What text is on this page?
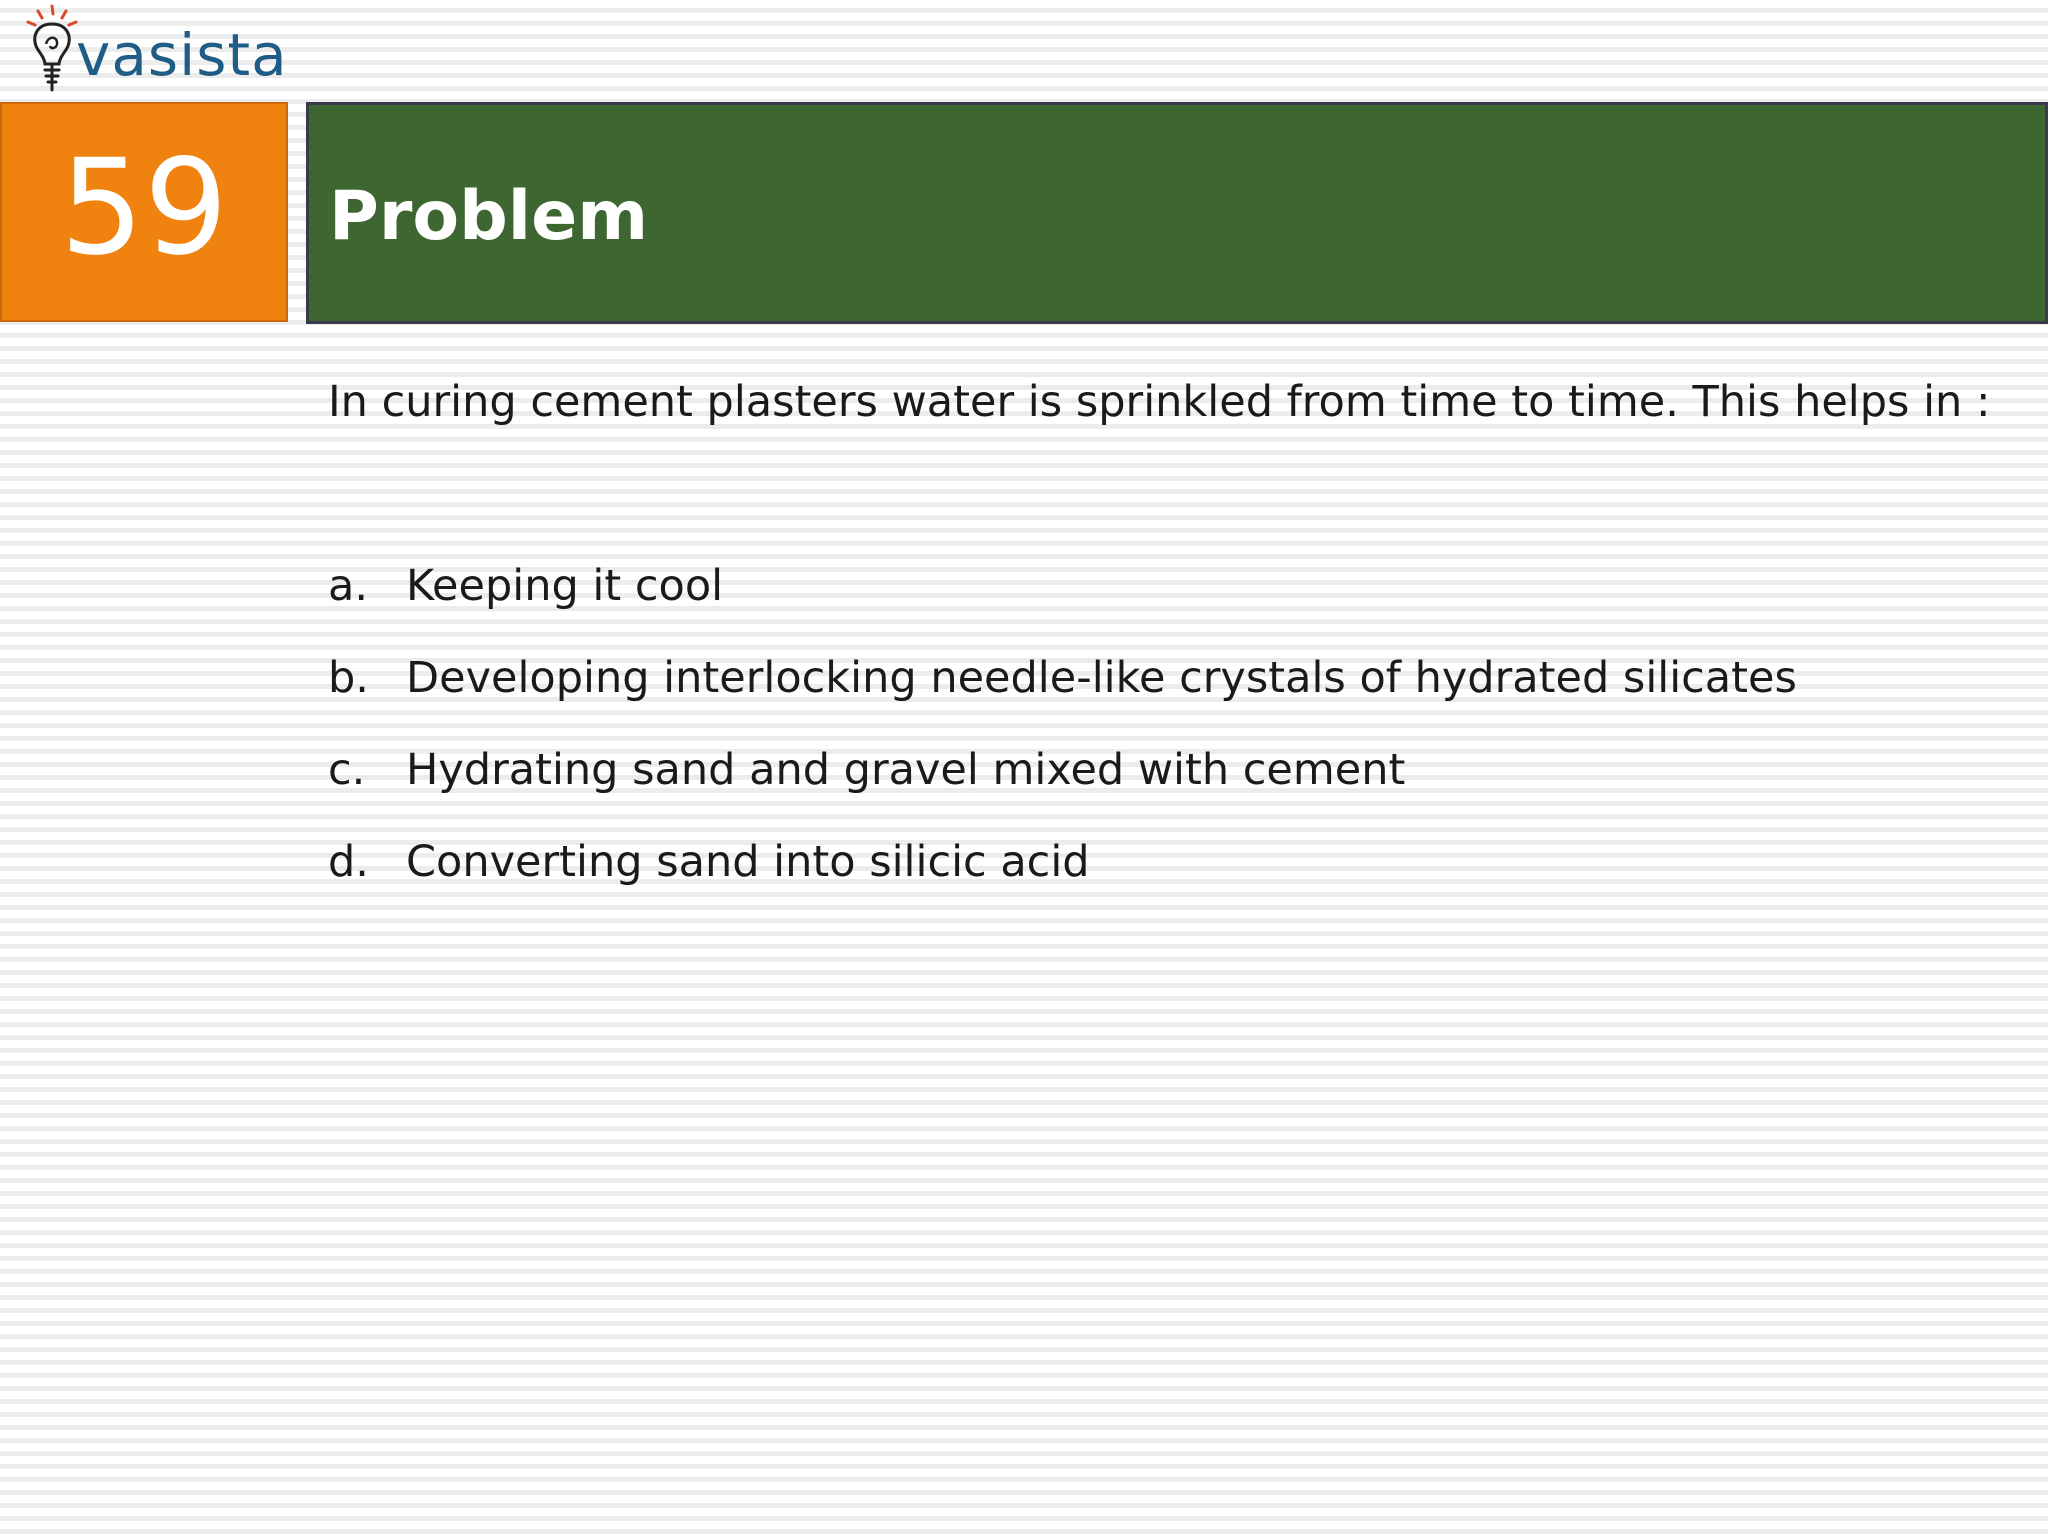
vasista
59 Problem
In curing cement plasters water is sprinkled from time to time. This helps in :
a. Keeping it cool
b. Developing interlocking needle-like crystals of hydrated silicates
c. Hydrating sand and gravel mixed with cement
d. Converting sand into silicic acid
